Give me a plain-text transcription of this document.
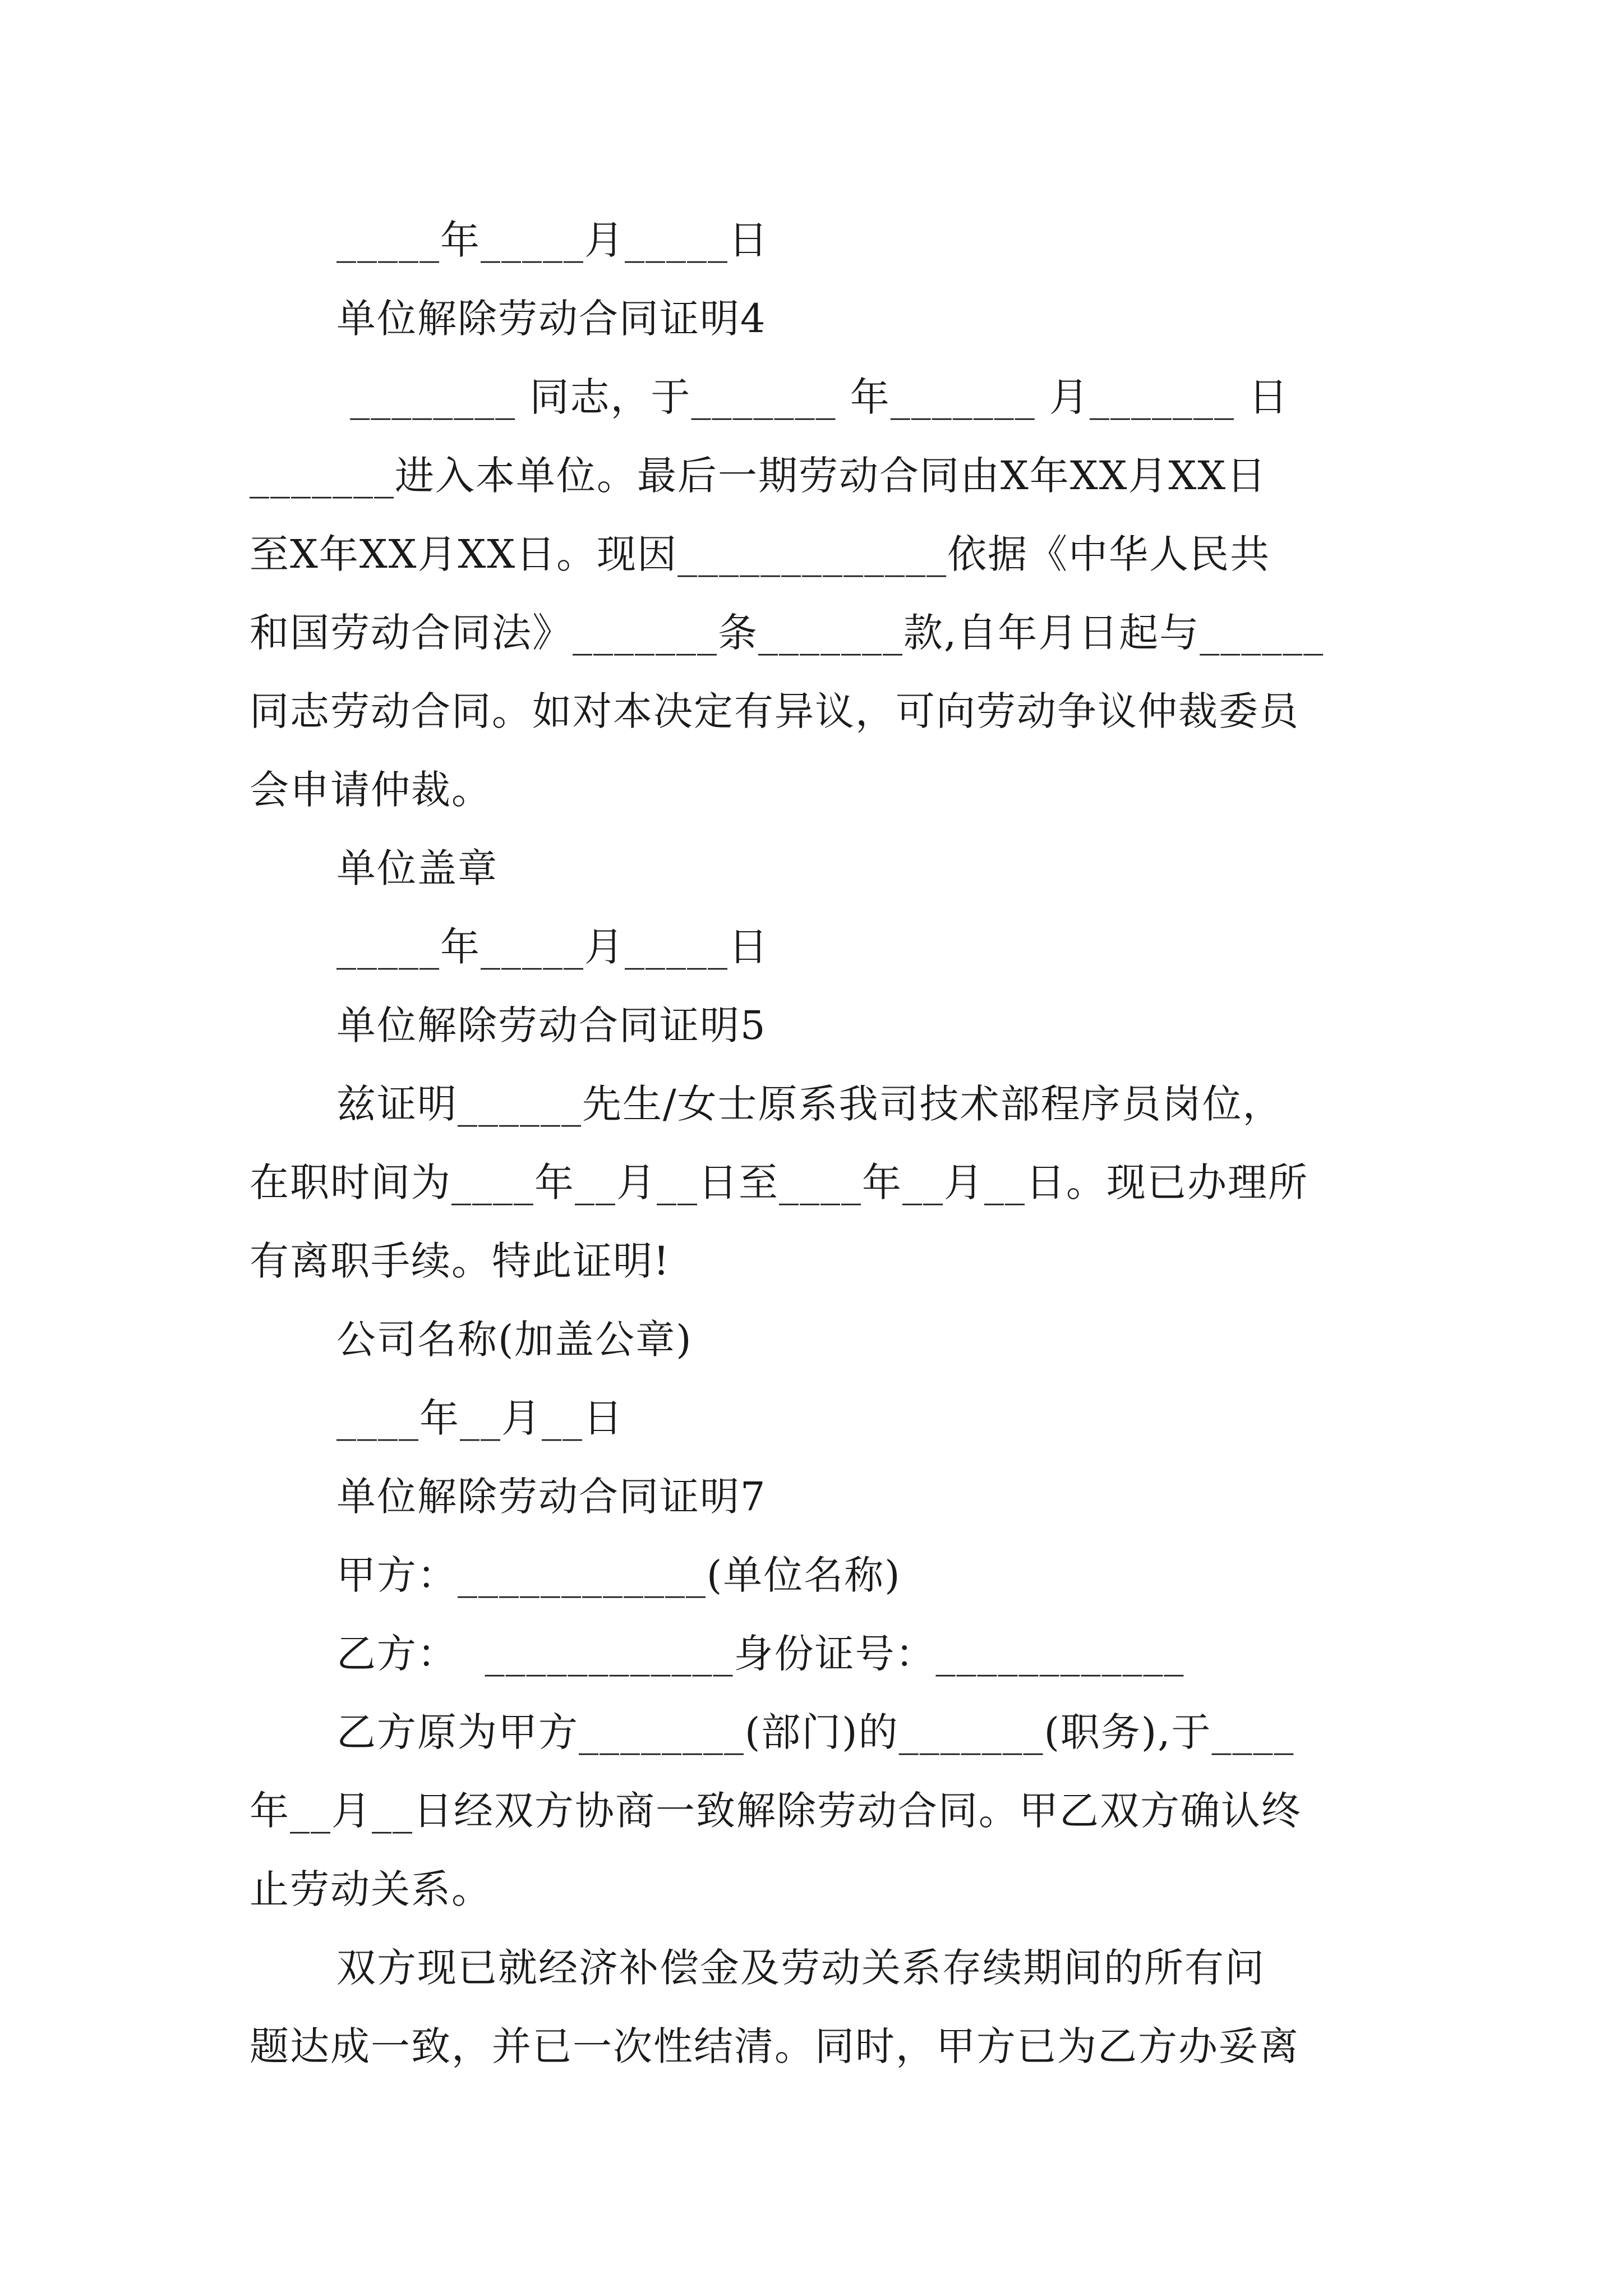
_____年_____月_____日
单位解除劳动合同证明4
________ 同志，于_______ 年_______ 月_______ 日
_______进入本单位。最后一期劳动合同由X年XX月XX日
至X年XX月XX日。现因_____________依据《中华人民共
和国劳动合同法》_______条_______款,自年月日起与______
同志劳动合同。如对本决定有异议，可向劳动争议仲裁委员
会申请仲裁。
单位盖章
_____年_____月_____日
单位解除劳动合同证明5
兹证明______先生/女士原系我司技术部程序员岗位，
在职时间为____年__月__日至____年__月__日。现已办理所
有离职手续。特此证明!
公司名称(加盖公章)
____年__月__日
单位解除劳动合同证明7
甲方：____________(单位名称)
乙方：  ____________身份证号：____________
乙方原为甲方________(部门)的_______(职务),于____
年__月__日经双方协商一致解除劳动合同。甲乙双方确认终
止劳动关系。
双方现已就经济补偿金及劳动关系存续期间的所有问
题达成一致，并已一次性结清。同时，甲方已为乙方办妥离
